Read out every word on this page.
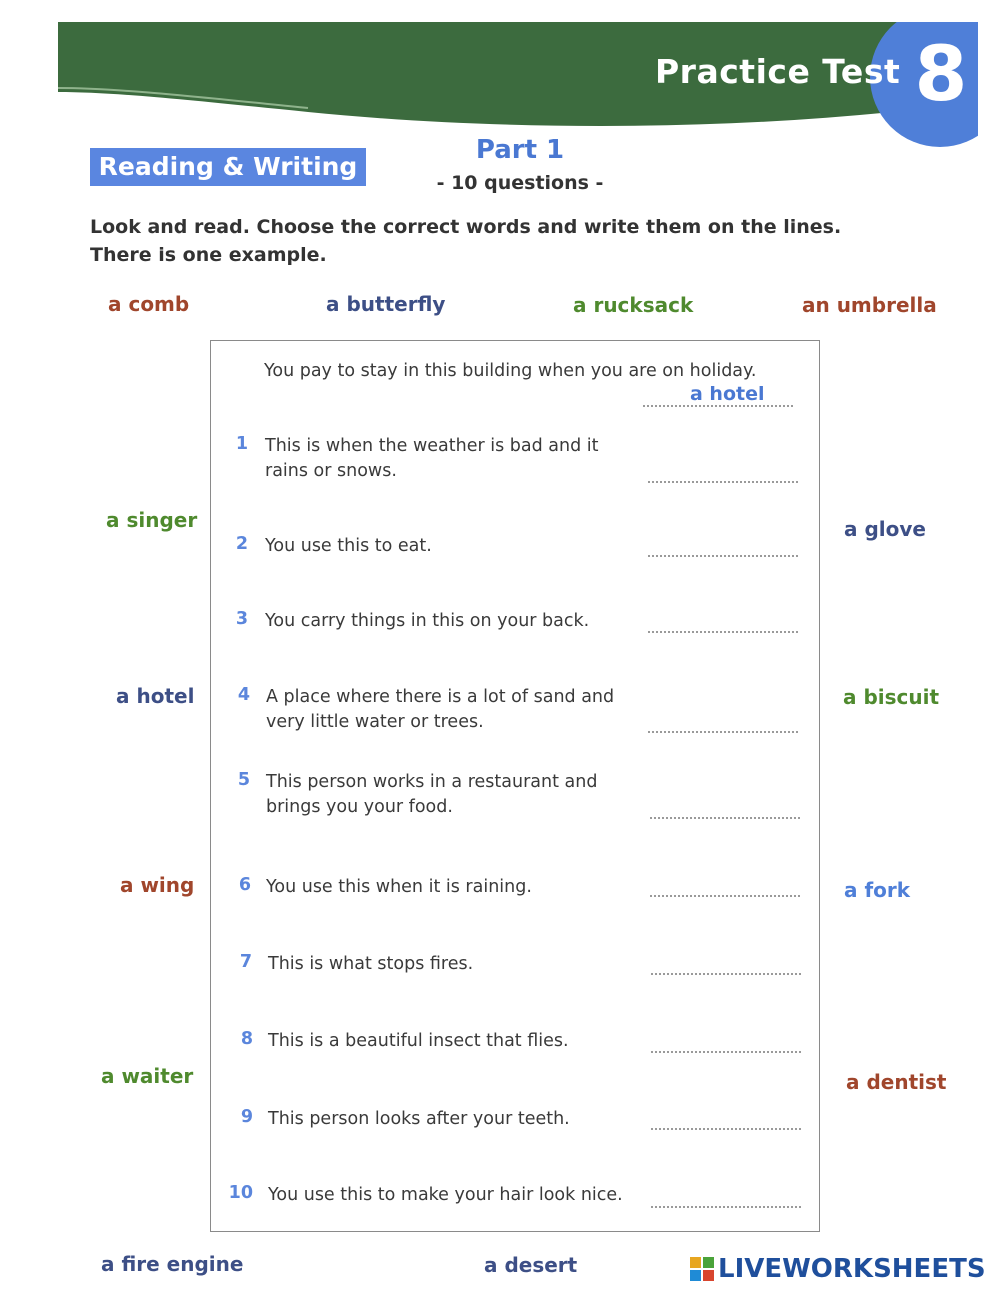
Practice Test 8
Reading & Writing
Part 1
- 10 questions -

Look and read. Choose the correct words and write them on the lines.

There is one example.

a comb	a butterfly	a rucksack	an umbrella
a singer	a glove
a hotel	a biscuit
a wing	a fork
a waiter	a dentist
a fire engine	a desert
You pay to stay in this building when you are on holiday.
a hotel
1 This is when the weather is bad and it
rains or snows.
2 You use this to eat.
3 You carry things in this on your back.
4 A place where there is a lot of sand and
very little water or trees.
5 This person works in a restaurant and
brings you your food.
6 You use this when it is raining.
7 This is what stops fires.
8 This is a beautiful insect that flies.
9 This person looks after your teeth.
10 You use this to make your hair look nice.
LIVEWORKSHEETS
